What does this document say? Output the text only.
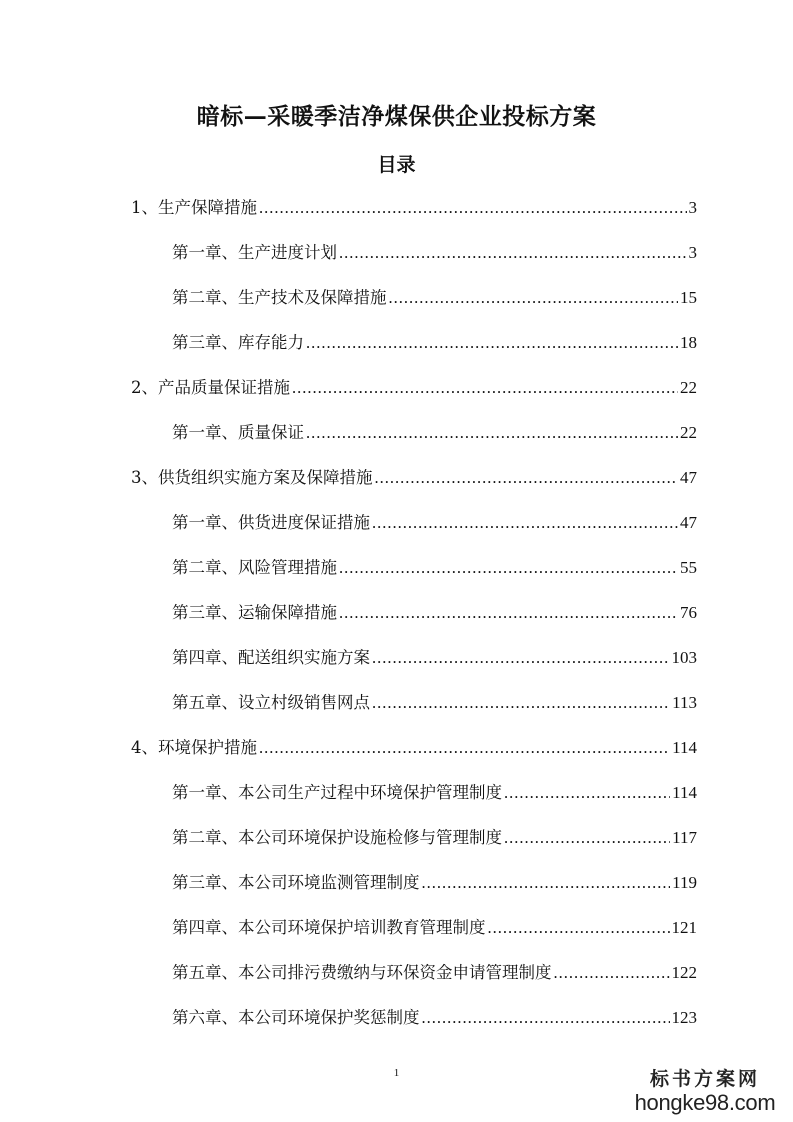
暗标—采暖季洁净煤保供企业投标方案
目录
1、生产保障措施 .....	3
第一章、生产进度计划 .....	3
第二章、生产技术及保障措施 .....	15
第三章、库存能力 .....	18
2、产品质量保证措施 .....	22
第一章、质量保证 .....	22
3、供货组织实施方案及保障措施 .....	47
第一章、供货进度保证措施 .....	47
第二章、风险管理措施 .....	55
第三章、运输保障措施 .....	76
第四章、配送组织实施方案 .....	103
第五章、设立村级销售网点 .....	113
4、环境保护措施 .....	114
第一章、本公司生产过程中环境保护管理制度 .....	114
第二章、本公司环境保护设施检修与管理制度 .....	117
第三章、本公司环境监测管理制度 .....	119
第四章、本公司环境保护培训教育管理制度 .....	121
第五章、本公司排污费缴纳与环保资金申请管理制度 .....	122
第六章、本公司环境保护奖惩制度 .....	123
1	标书方案网
hongke98.com
